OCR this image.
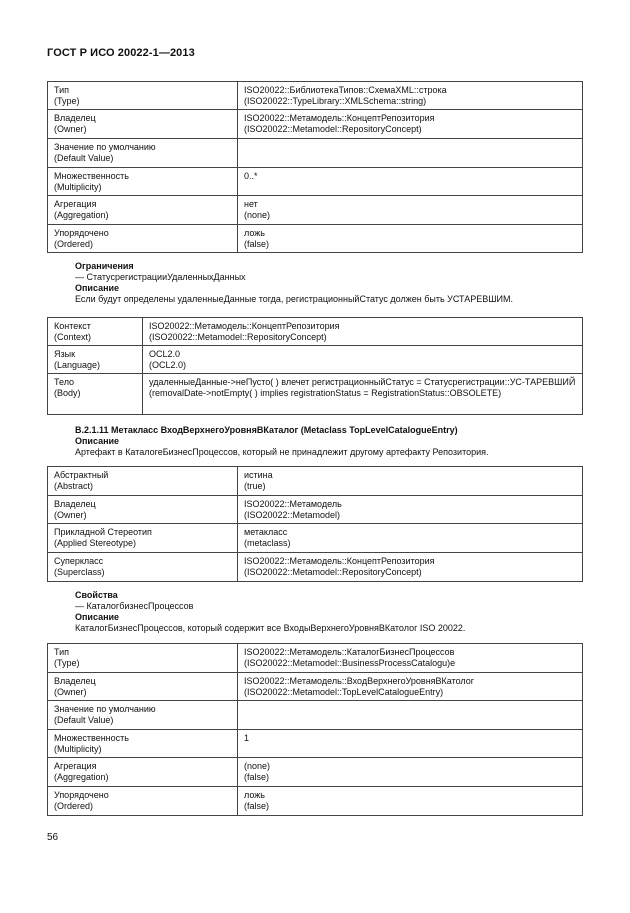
ГОСТ Р ИСО 20022-1—2013
Тип
(Type)	ISO20022::БиблиотекаТипов::СхемаXML::строка
(ISO20022::TypeLibrary::XMLSchema::string)

Владелец
(Owner)	ISO20022::Метамодель::КонцептРепозитория
(ISO20022::Metamodel::RepositoryConcept)

Значение по умолчанию
(Default Value)	

Множественность
(Multiplicity)	0..*

Агрегация
(Aggregation)	нет
(none)

Упорядочено
(Ordered)	ложь
(false)
Ограничения
— СтатусрегистрацииУдаленныхДанных
Описание
Если будут определены удаленныеДанные тогда, регистрационныйСтатус должен быть УСТАРЕВШИМ.
Контекст
(Context)	ISO20022::Метамодель::КонцептРепозитория
(ISO20022::Metamodel::RepositoryConcept)

Язык
(Language)	OCL2.0
(OCL2.0)

Тело
(Body)	удаленныеДанные->неПусто( ) влечет регистрационныйСтатус = Статусрегистрации::УС-ТАРЕВШИЙ
(removalDate->notEmpty( ) implies registrationStatus = RegistrationStatus::OBSOLETE)
В.2.1.11 Метакласс ВходВерхнегоУровняВКаталог (Metaclass TopLevelCatalogueEntry)
Описание
Артефакт в КаталогеБизнесПроцессов, который не принадлежит другому артефакту Репозитория.
Абстрактный
(Abstract)	истина
(true)

Владелец
(Owner)	ISO20022::Метамодель
(ISO20022::Metamodel)

Прикладной Стереотип
(Applied Stereotype)	метакласс
(metaclass)

Суперкласс
(Superclass)	ISO20022::Метамодель::КонцептРепозитория
(ISO20022::Metamodel::RepositoryConcept)
Свойства
— КаталогбизнесПроцессов
Описание
КаталогБизнесПроцессов, который содержит все ВходыВерхнегоУровняВКатолог ISO 20022.
Тип
(Type)	ISO20022::Метамодель::КаталогБизнесПроцессов
(ISO20022::Metamodel::BusinessProcessCatalogu)e

Владелец
(Owner)	ISO20022::Метамодель::ВходВерхнегоУровняВКатолог
(ISO20022::Metamodel::TopLevelCatalogueEntry)

Значение по умолчанию
(Default Value)	

Множественность
(Multiplicity)	1

Агрегация
(Aggregation)	(none)
(false)

Упорядочено
(Ordered)	ложь
(false)
56
